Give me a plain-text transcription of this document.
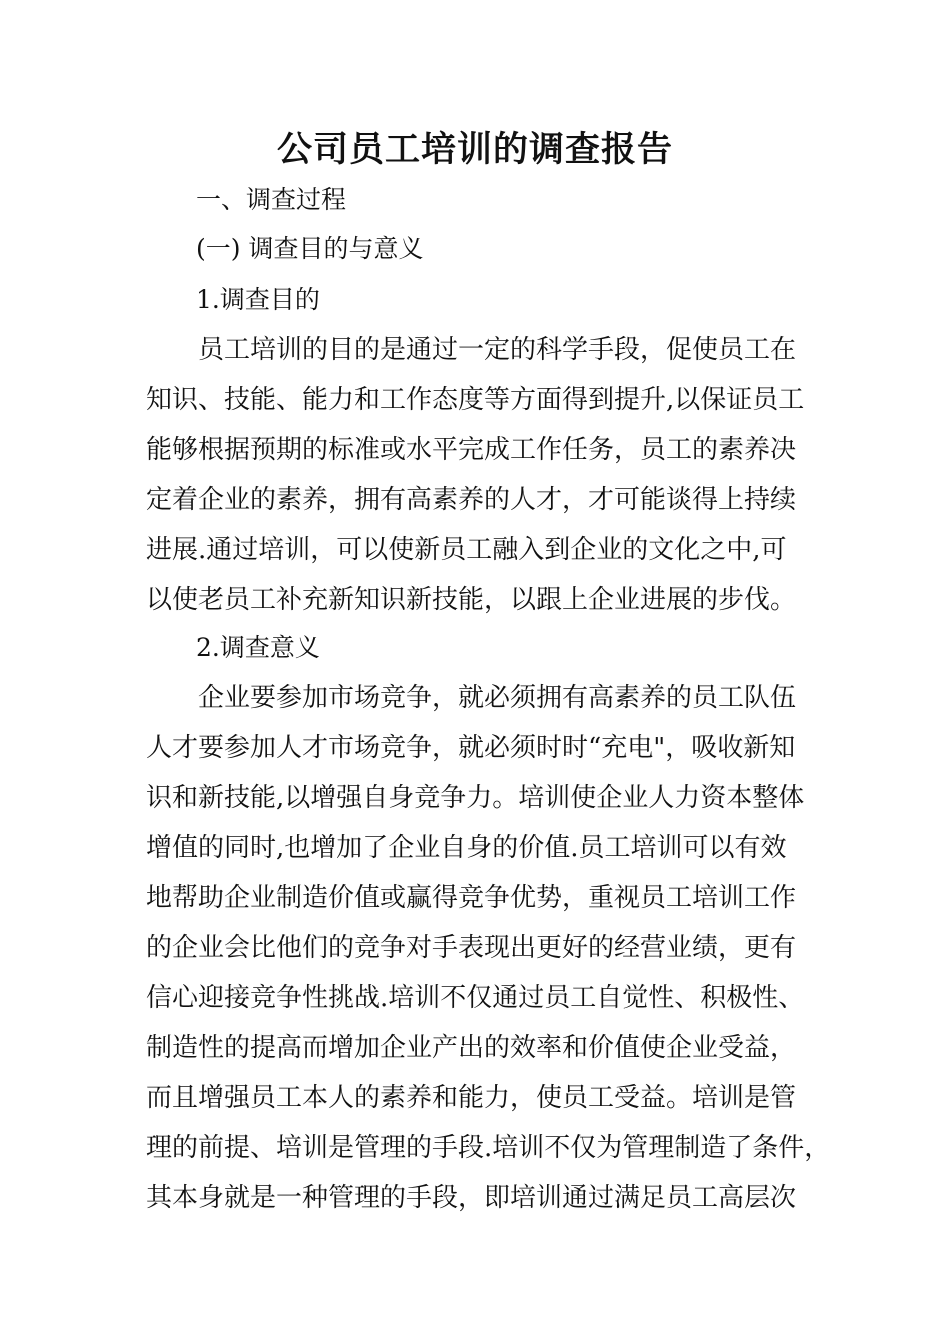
公司员工培训的调查报告

一、调查过程

(一) 调查目的与意义

1.调查目的

员工培训的目的是通过一定的科学手段，促使员工在
知识、技能、能力和工作态度等方面得到提升,以保证员工
能够根据预期的标准或水平完成工作任务，员工的素养决
定着企业的素养，拥有高素养的人才，才可能谈得上持续
进展.通过培训，可以使新员工融入到企业的文化之中,可
以使老员工补充新知识新技能，以跟上企业进展的步伐。

2.调查意义

企业要参加市场竞争，就必须拥有高素养的员工队伍
人才要参加人才市场竞争，就必须时时“充电"，吸收新知
识和新技能,以增强自身竞争力。培训使企业人力资本整体
增值的同时,也增加了企业自身的价值.员工培训可以有效
地帮助企业制造价值或赢得竞争优势，重视员工培训工作
的企业会比他们的竞争对手表现出更好的经营业绩，更有
信心迎接竞争性挑战.培训不仅通过员工自觉性、积极性、
制造性的提高而增加企业产出的效率和价值使企业受益，
而且增强员工本人的素养和能力，使员工受益。培训是管
理的前提、培训是管理的手段.培训不仅为管理制造了条件，
其本身就是一种管理的手段，即培训通过满足员工高层次
